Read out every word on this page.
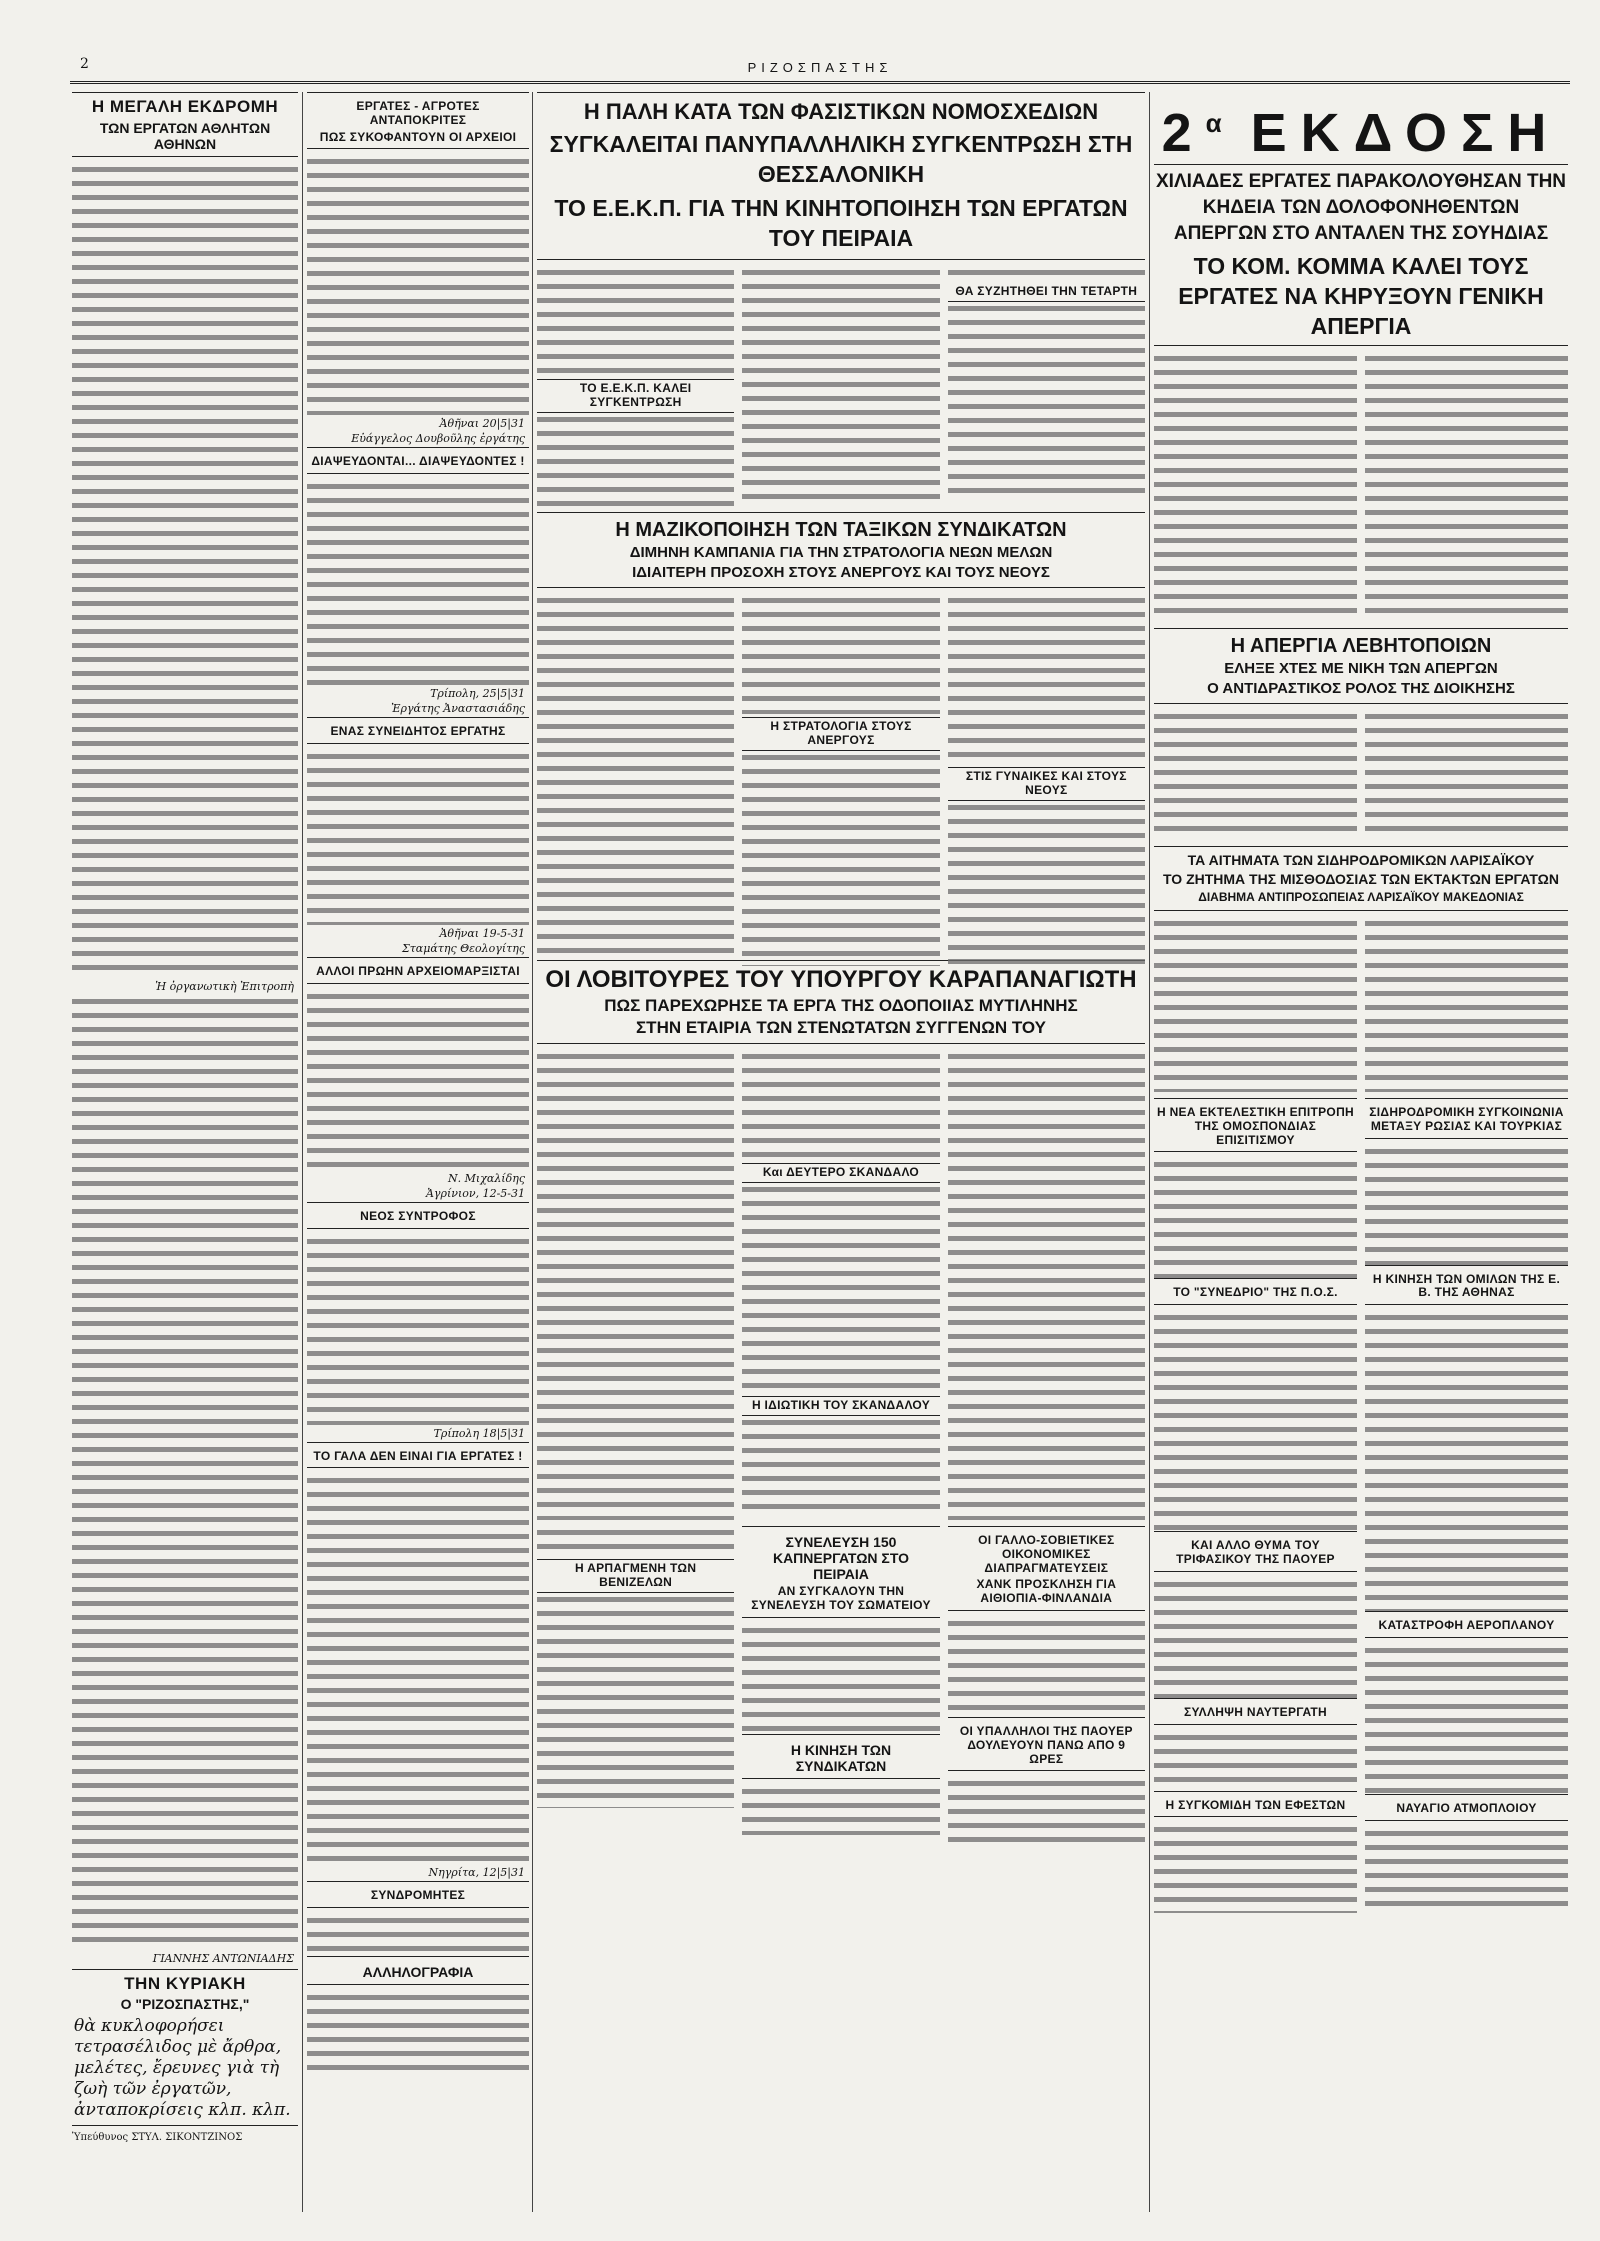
2	ΡΙΖΟΣΠΑΣΤΗΣ
Η ΜΕΓΑΛΗ ΕΚΔΡΟΜΗ
ΤΩΝ ΕΡΓΑΤΩΝ ΑΘΛΗΤΩΝ ΑΘΗΝΩΝ
Ἡ ὀργανωτικὴ Ἐπιτροπὴ
ΓΙΑΝΝΗΣ ΑΝΤΩΝΙΑΔΗΣ
ΤΗΝ ΚΥΡΙΑΚΗ
Ο "ΡΙΖΟΣΠΑΣΤΗΣ,"
θὰ κυκλοφορήσει τετρασέλιδος μὲ ἄρθρα, μελέτες, ἔρευνες γιὰ τὴ ζωὴ τῶν ἐργατῶν, ἀνταποκρίσεις κλπ. κλπ.
Ὑπεύθυνος ΣΤΥΛ. ΣΙΚΟΝΤΖΙΝΟΣ
ΕΡΓΑΤΕΣ - ΑΓΡΟΤΕΣ ΑΝΤΑΠΟΚΡΙΤΕΣ
ΠΩΣ ΣΥΚΟΦΑΝΤΟΥΝ ΟΙ ΑΡΧΕΙΟΙ
Ἀθῆναι 20|5|31
Εὐάγγελος Δουβοῦλης ἐργάτης
ΔΙΑΨΕΥΔΟΝΤΑΙ... ΔΙΑΨΕΥΔΟΝΤΕΣ !
Τρίπολη, 25|5|31
Ἐργάτης Ἀναστασιάδης
ΕΝΑΣ ΣΥΝΕΙΔΗΤΟΣ ΕΡΓΑΤΗΣ
Ἀθῆναι 19-5-31
Σταμάτης Θεολογίτης
ΑΛΛΟΙ ΠΡΩΗΝ ΑΡΧΕΙΟΜΑΡΞΙΣΤΑΙ
Ν. Μιχαλίδης
Ἀγρίνιον, 12-5-31
ΝΕΟΣ ΣΥΝΤΡΟΦΟΣ
Τρίπολη 18|5|31
ΤΟ ΓΑΛΑ ΔΕΝ ΕΙΝΑΙ ΓΙΑ ΕΡΓΑΤΕΣ !
Νηγρίτα, 12|5|31
ΣΥΝΔΡΟΜΗΤΕΣ
ΑΛΛΗΛΟΓΡΑΦΙΑ
Η ΠΑΛΗ ΚΑΤΑ ΤΩΝ ΦΑΣΙΣΤΙΚΩΝ ΝΟΜΟΣΧΕΔΙΩΝ
ΣΥΓΚΑΛΕΙΤΑΙ ΠΑΝΥΠΑΛΛΗΛΙΚΗ ΣΥΓΚΕΝΤΡΩΣΗ ΣΤΗ ΘΕΣΣΑΛΟΝΙΚΗ
ΤΟ Ε.Ε.Κ.Π. ΓΙΑ ΤΗΝ ΚΙΝΗΤΟΠΟΙΗΣΗ ΤΩΝ ΕΡΓΑΤΩΝ ΤΟΥ ΠΕΙΡΑΙΑ
ΤΟ Ε.Ε.Κ.Π. ΚΑΛΕΙ ΣΥΓΚΕΝΤΡΩΣΗ
ΘΑ ΣΥΖΗΤΗΘΕΙ ΤΗΝ ΤΕΤΑΡΤΗ
Η ΜΑΖΙΚΟΠΟΙΗΣΗ ΤΩΝ ΤΑΞΙΚΩΝ ΣΥΝΔΙΚΑΤΩΝ
ΔΙΜΗΝΗ ΚΑΜΠΑΝΙΑ ΓΙΑ ΤΗΝ ΣΤΡΑΤΟΛΟΓΙΑ ΝΕΩΝ ΜΕΛΩΝ
ΙΔΙΑΙΤΕΡΗ ΠΡΟΣΟΧΗ ΣΤΟΥΣ ΑΝΕΡΓΟΥΣ ΚΑΙ ΤΟΥΣ ΝΕΟΥΣ
Η ΣΤΡΑΤΟΛΟΓΙΑ ΣΤΟΥΣ ΑΝΕΡΓΟΥΣ
ΣΤΙΣ ΓΥΝΑΙΚΕΣ ΚΑΙ ΣΤΟΥΣ ΝΕΟΥΣ
ΟΙ ΛΟΒΙΤΟΥΡΕΣ ΤΟΥ ΥΠΟΥΡΓΟΥ ΚΑΡΑΠΑΝΑΓΙΩΤΗ
ΠΩΣ ΠΑΡΕΧΩΡΗΣΕ ΤΑ ΕΡΓΑ ΤΗΣ ΟΔΟΠΟΙΙΑΣ ΜΥΤΙΛΗΝΗΣ
ΣΤΗΝ ΕΤΑΙΡΙΑ ΤΩΝ ΣΤΕΝΩΤΑΤΩΝ ΣΥΓΓΕΝΩΝ ΤΟΥ
Και ΔΕΥΤΕΡΟ ΣΚΑΝΔΑΛΟ
Η ΙΔΙΩΤΙΚΗ ΤΟΥ ΣΚΑΝΔΑΛΟΥ
Η ΑΡΠΑΓΜΕΝΗ ΤΩΝ ΒΕΝΙΖΕΛΩΝ
ΣΥΝΕΛΕΥΣΗ 150 ΚΑΠΝΕΡΓΑΤΩΝ ΣΤΟ ΠΕΙΡΑΙΑ
ΑΝ ΣΥΓΚΑΛΟΥΝ ΤΗΝ ΣΥΝΕΛΕΥΣΗ ΤΟΥ ΣΩΜΑΤΕΙΟΥ
Η ΚΙΝΗΣΗ ΤΩΝ ΣΥΝΔΙΚΑΤΩΝ
ΟΙ ΓΑΛΛΟ-ΣΟΒΙΕΤΙΚΕΣ ΟΙΚΟΝΟΜΙΚΕΣ ΔΙΑΠΡΑΓΜΑΤΕΥΣΕΙΣ
ΧΑΝΚ ΠΡΟΣΚΛΗΣΗ ΓΙΑ ΑΙΘΙΟΠΙΑ-ΦΙΝΛΑΝΔΙΑ
ΟΙ ΥΠΑΛΛΗΛΟΙ ΤΗΣ ΠΑΟΥΕΡ ΔΟΥΛΕΥΟΥΝ ΠΑΝΩ ΑΠΟ 9 ΩΡΕΣ
$2^\alpha$ ΕΚΔΟΣΗ
ΧΙΛΙΑΔΕΣ ΕΡΓΑΤΕΣ ΠΑΡΑΚΟΛΟΥΘΗΣΑΝ ΤΗΝ ΚΗΔΕΙΑ ΤΩΝ ΔΟΛΟΦΟΝΗΘΕΝΤΩΝ ΑΠΕΡΓΩΝ ΣΤΟ ΑΝΤΑΛΕΝ ΤΗΣ ΣΟΥΗΔΙΑΣ
ΤΟ ΚΟΜ. ΚΟΜΜΑ ΚΑΛΕΙ ΤΟΥΣ ΕΡΓΑΤΕΣ ΝΑ ΚΗΡΥΞΟΥΝ ΓΕΝΙΚΗ ΑΠΕΡΓΙΑ
Η ΑΠΕΡΓΙΑ ΛΕΒΗΤΟΠΟΙΩΝ
ΕΛΗΞΕ ΧΤΕΣ ΜΕ ΝΙΚΗ ΤΩΝ ΑΠΕΡΓΩΝ
Ο ΑΝΤΙΔΡΑΣΤΙΚΟΣ ΡΟΛΟΣ ΤΗΣ ΔΙΟΙΚΗΣΗΣ
ΤΑ ΑΙΤΗΜΑΤΑ ΤΩΝ ΣΙΔΗΡΟΔΡΟΜΙΚΩΝ ΛΑΡΙΣΑΪΚΟΥ
ΤΟ ΖΗΤΗΜΑ ΤΗΣ ΜΙΣΘΟΔΟΣΙΑΣ ΤΩΝ ΕΚΤΑΚΤΩΝ ΕΡΓΑΤΩΝ
ΔΙΑΒΗΜΑ ΑΝΤΙΠΡΟΣΩΠΕΙΑΣ ΛΑΡΙΣΑΪΚΟΥ ΜΑΚΕΔΟΝΙΑΣ
Η ΝΕΑ ΕΚΤΕΛΕΣΤΙΚΗ ΕΠΙΤΡΟΠΗ ΤΗΣ ΟΜΟΣΠΟΝΔΙΑΣ ΕΠΙΣΙΤΙΣΜΟΥ
ΤΟ "ΣΥΝΕΔΡΙΟ" ΤΗΣ Π.Ο.Σ.
ΚΑΙ ΑΛΛΟ ΘΥΜΑ ΤΟΥ ΤΡΙΦΑΣΙΚΟΥ ΤΗΣ ΠΑΟΥΕΡ
ΣΥΛΛΗΨΗ ΝΑΥΤΕΡΓΑΤΗ
Η ΣΥΓΚΟΜΙΔΗ ΤΩΝ ΕΦΕΣΤΩΝ
ΣΙΔΗΡΟΔΡΟΜΙΚΗ ΣΥΓΚΟΙΝΩΝΙΑ ΜΕΤΑΞΥ ΡΩΣΙΑΣ ΚΑΙ ΤΟΥΡΚΙΑΣ
Η ΚΙΝΗΣΗ ΤΩΝ ΟΜΙΛΩΝ ΤΗΣ Ε. Β. ΤΗΣ ΑΘΗΝΑΣ
ΚΑΤΑΣΤΡΟΦΗ ΑΕΡΟΠΛΑΝΟΥ
ΝΑΥΑΓΙΟ ΑΤΜΟΠΛΟΙΟΥ
